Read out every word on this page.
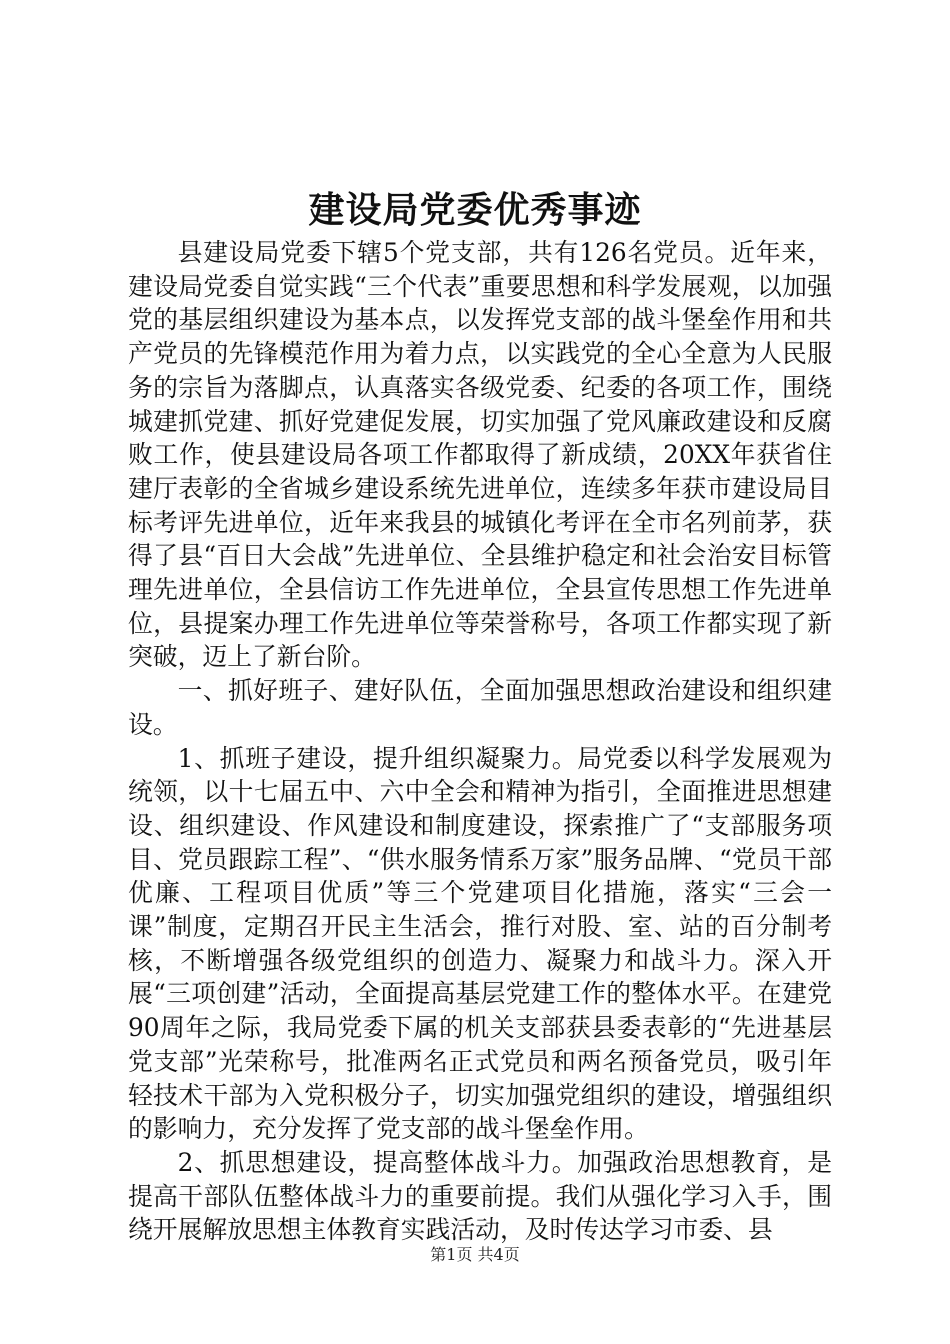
建设局党委优秀事迹

县建设局党委下辖5个党支部，共有126名党员。近年来，建设局党委自觉实践“三个代表”重要思想和科学发展观，以加强党的基层组织建设为基本点，以发挥党支部的战斗堡垒作用和共产党员的先锋模范作用为着力点，以实践党的全心全意为人民服务的宗旨为落脚点，认真落实各级党委、纪委的各项工作，围绕城建抓党建、抓好党建促发展，切实加强了党风廉政建设和反腐败工作，使县建设局各项工作都取得了新成绩，20XX年获省住建厅表彰的全省城乡建设系统先进单位，连续多年获市建设局目标考评先进单位，近年来我县的城镇化考评在全市名列前茅，获得了县“百日大会战”先进单位、全县维护稳定和社会治安目标管理先进单位，全县信访工作先进单位，全县宣传思想工作先进单位，县提案办理工作先进单位等荣誉称号，各项工作都实现了新突破，迈上了新台阶。

一、抓好班子、建好队伍，全面加强思想政治建设和组织建设。

1、抓班子建设，提升组织凝聚力。局党委以科学发展观为统领，以十七届五中、六中全会和精神为指引，全面推进思想建设、组织建设、作风建设和制度建设，探索推广了“支部服务项目、党员跟踪工程”、“供水服务情系万家”服务品牌、“党员干部优廉、工程项目优质”等三个党建项目化措施，落实“三会一课”制度，定期召开民主生活会，推行对股、室、站的百分制考核，不断增强各级党组织的创造力、凝聚力和战斗力。深入开展“三项创建”活动，全面提高基层党建工作的整体水平。在建党90周年之际，我局党委下属的机关支部获县委表彰的“先进基层党支部”光荣称号，批准两名正式党员和两名预备党员，吸引年轻技术干部为入党积极分子，切实加强党组织的建设，增强组织的影响力，充分发挥了党支部的战斗堡垒作用。

2、抓思想建设，提高整体战斗力。加强政治思想教育，是提高干部队伍整体战斗力的重要前提。我们从强化学习入手，围绕开展解放思想主体教育实践活动，及时传达学习市委、县

第1页 共4页
